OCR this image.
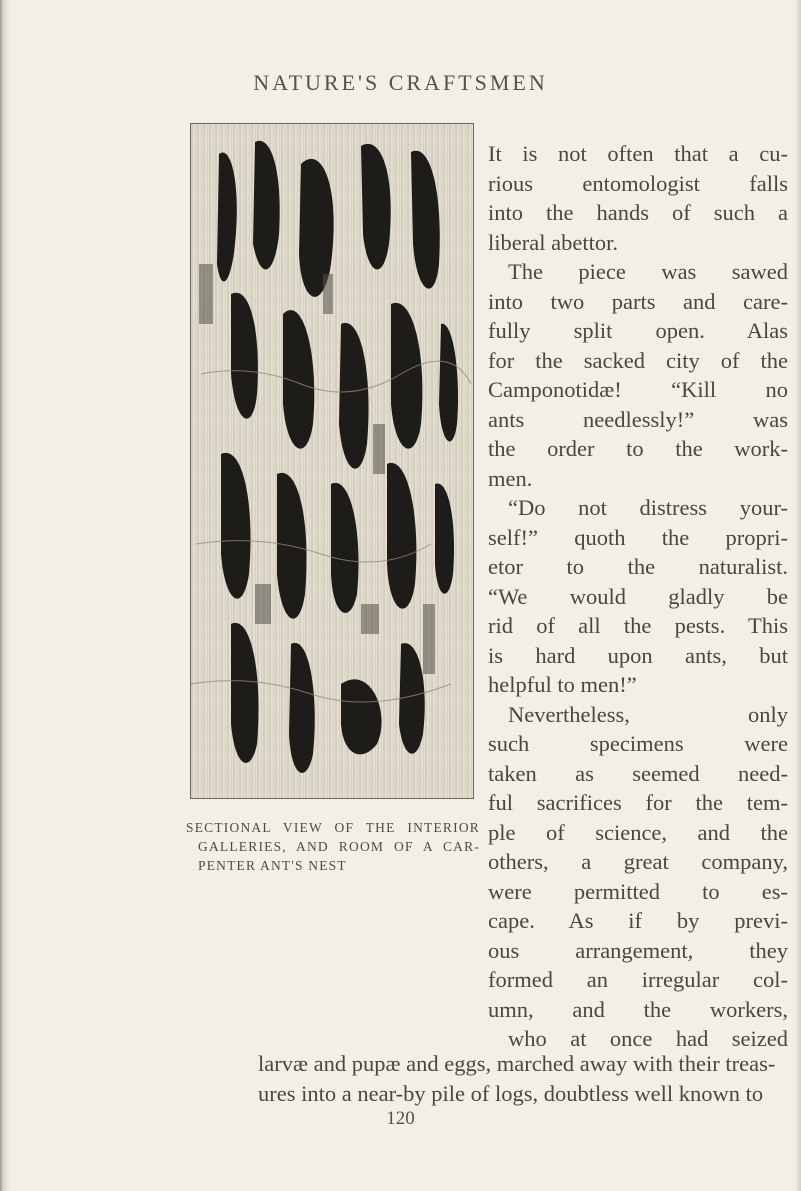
NATURE'S CRAFTSMEN
SECTIONAL VIEW OF THE INTERIOR
GALLERIES, AND ROOM OF A CAR-
PENTER ANT'S NEST
It is not often that a cu-
rious entomologist falls
into the hands of such a
liberal abettor.
The piece was sawed
into two parts and care-
fully split open. Alas
for the sacked city of the
Camponotidæ! “Kill no
ants needlessly!” was
the order to the work-
men.
“Do not distress your-
self!” quoth the propri-
etor to the naturalist.
“We would gladly be
rid of all the pests. This
is hard upon ants, but
helpful to men!”
Nevertheless, only
such specimens were
taken as seemed need-
ful sacrifices for the tem-
ple of science, and the
others, a great company,
were permitted to es-
cape. As if by previ-
ous arrangement, they
formed an irregular col-
umn, and the workers,
who at once had seized
larvæ and pupæ and eggs, marched away with their treas-
ures into a near-by pile of logs, doubtless well known to
120
